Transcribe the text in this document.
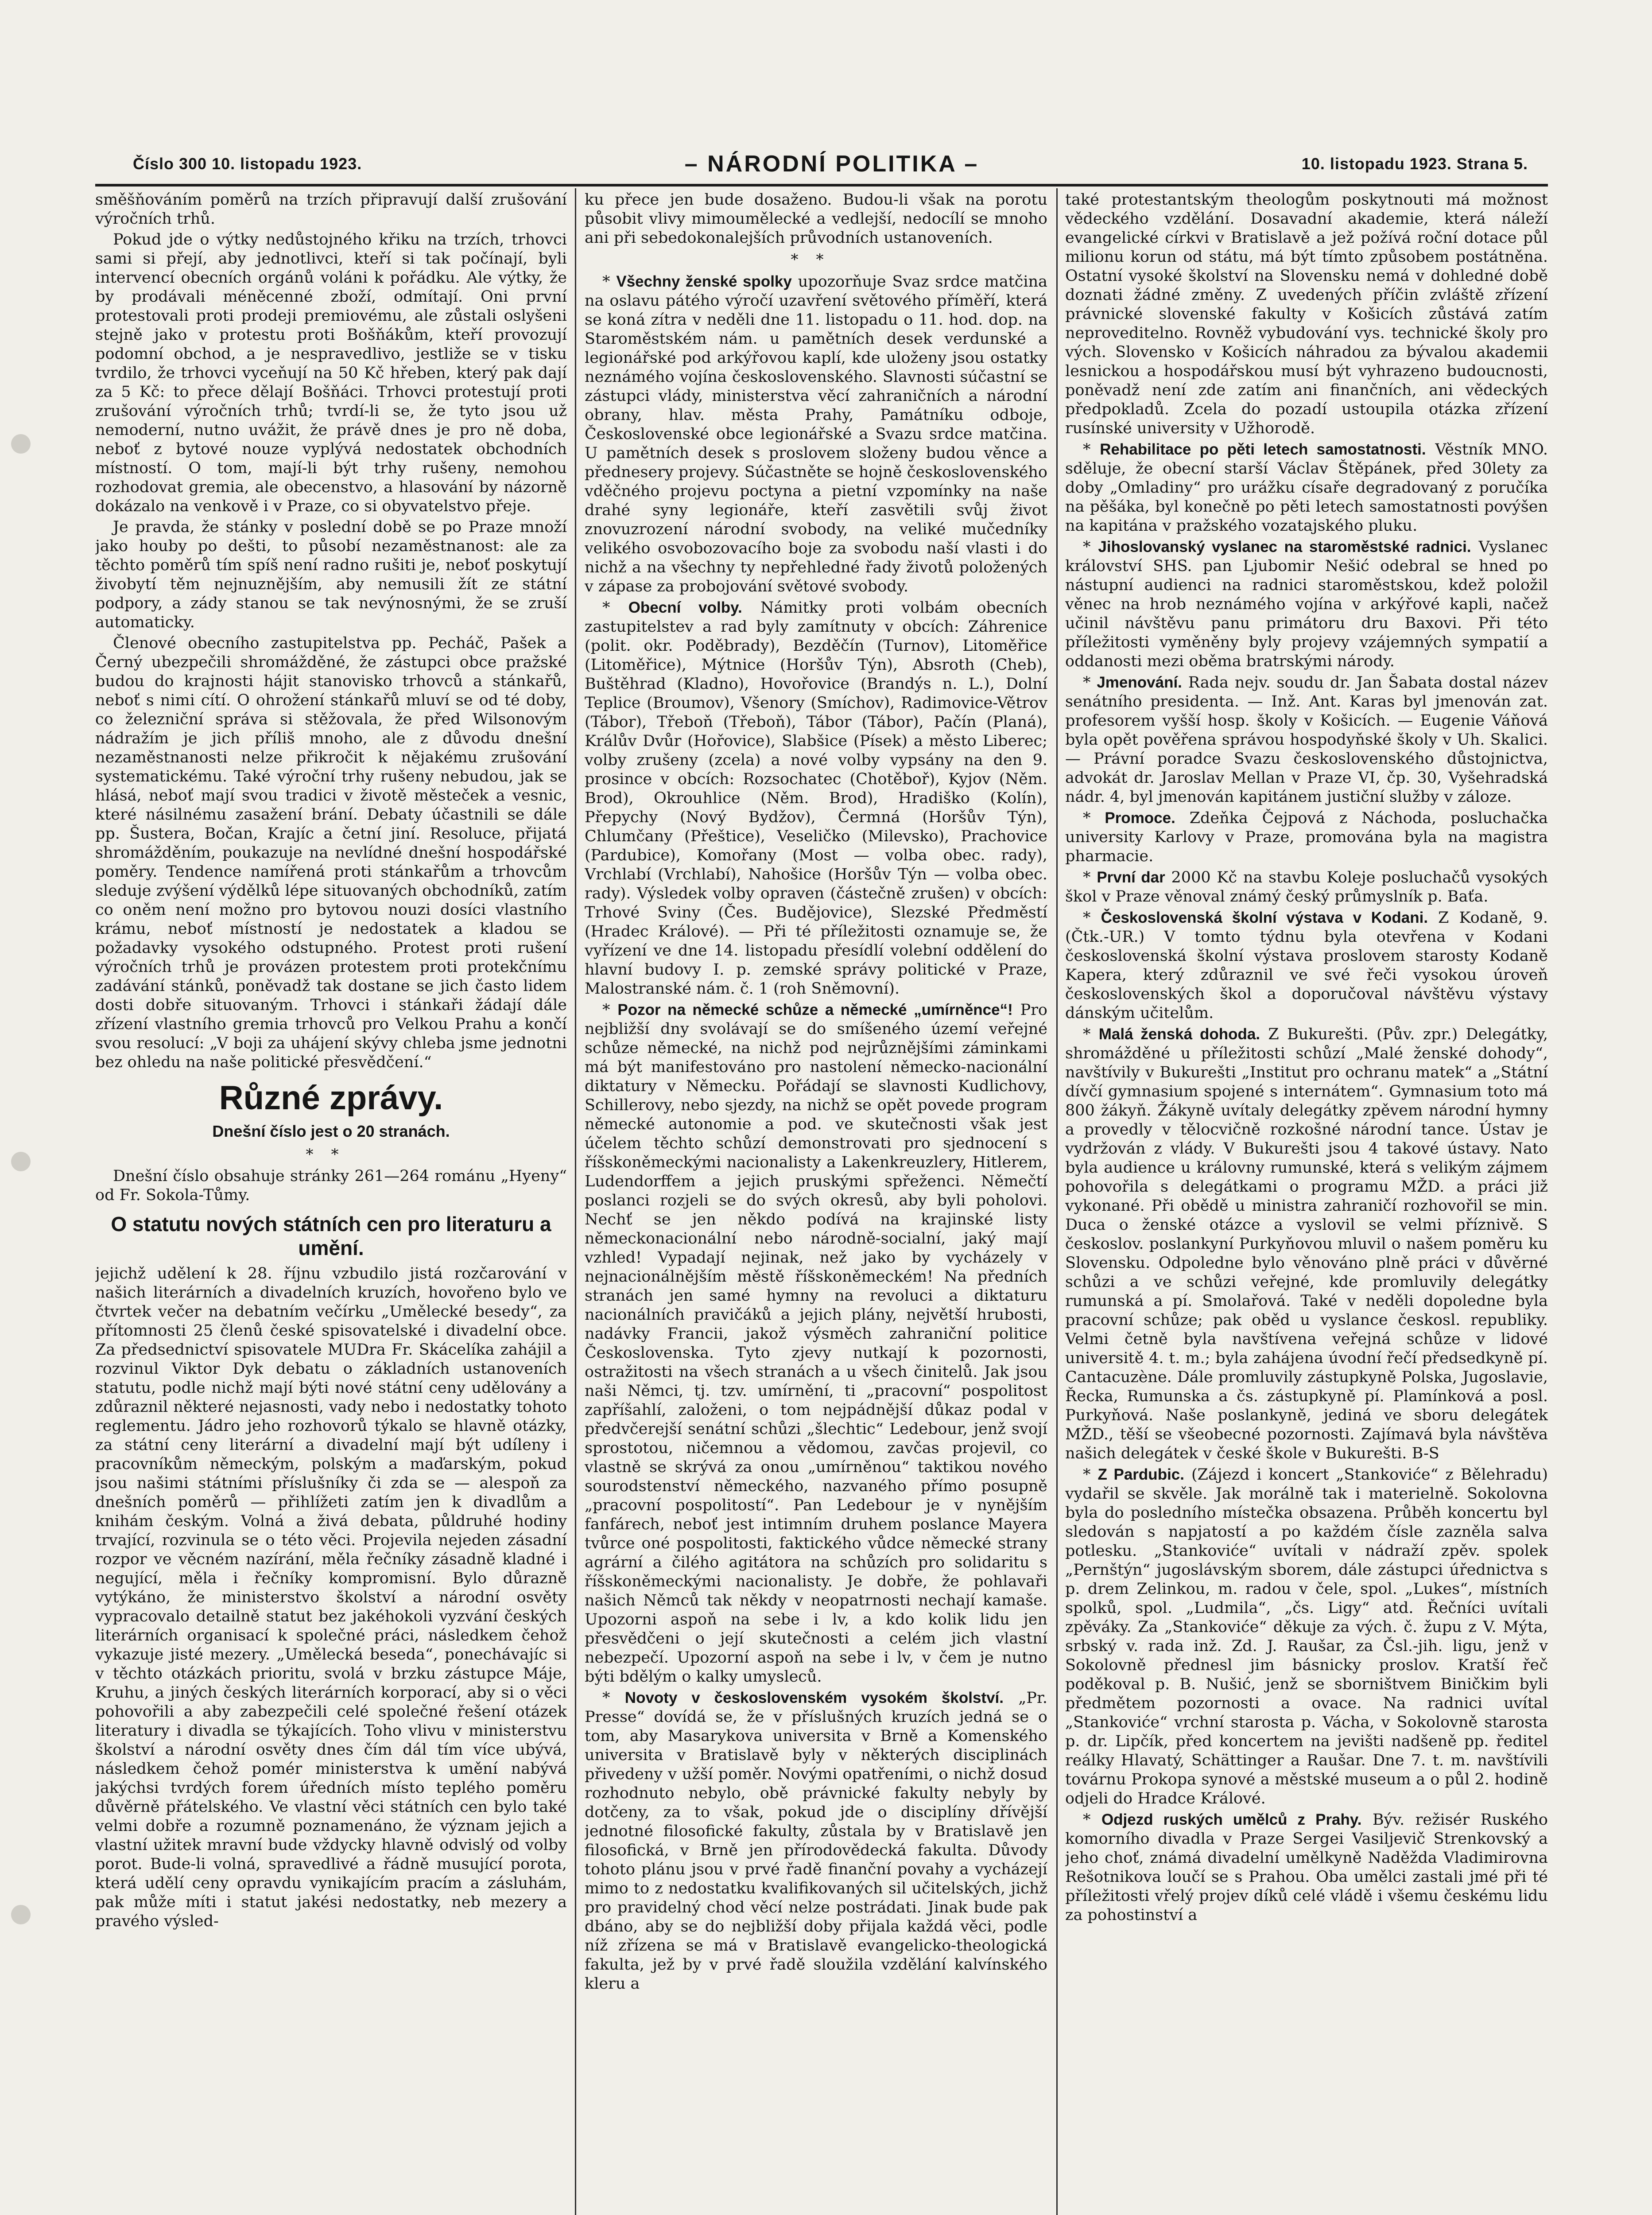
Číslo 300 10. listopadu 1923.	– NÁRODNÍ POLITIKA –	10. listopadu 1923. Strana 5.

směšňováním poměrů na trzích připravují další zrušování výročních trhů.

Pokud jde o výtky nedůstojného křiku na trzích, trhovci sami si přejí, aby jednotlivci, kteří si tak počínají, byli intervencí obecních orgánů voláni k pořádku. Ale výtky, že by prodávali méněcenné zboží, odmítají. Oni první protestovali proti prodeji premiovému, ale zůstali oslyšeni stejně jako v protestu proti Bošňákům, kteří provozují podomní obchod, a je nespravedlivo, jestliže se v tisku tvrdilo, že trhovci vyceňují na 50 Kč hřeben, který pak dají za 5 Kč: to přece dělají Bošňáci. Trhovci protestují proti zrušování výročních trhů; tvrdí-li se, že tyto jsou už nemoderní, nutno uvážit, že právě dnes je pro ně doba, neboť z bytové nouze vyplývá nedostatek obchodních místností. O tom, mají-li být trhy rušeny, nemohou rozhodovat gremia, ale obecenstvo, a hlasování by názorně dokázalo na venkově i v Praze, co si obyvatelstvo přeje.

Je pravda, že stánky v poslední době se po Praze množí jako houby po dešti, to působí nezaměstnanost: ale za těchto poměrů tím spíš není radno rušiti je, neboť poskytují živobytí těm nejnuznějším, aby nemusili žít ze státní podpory, a zády stanou se tak nevýnosnými, že se zruší automaticky.

Členové obecního zastupitelstva pp. Pecháč, Pašek a Černý ubezpečili shromážděné, že zástupci obce pražské budou do krajnosti hájit stanovisko trhovců a stánkařů, neboť s nimi cítí. O ohrožení stánkařů mluví se od té doby, co železniční správa si stěžovala, že před Wilsonovým nádražím je jich příliš mnoho, ale z důvodu dnešní nezaměstnanosti nelze přikročit k nějakému zrušování systematickému. Také výroční trhy rušeny nebudou, jak se hlásá, neboť mají svou tradici v životě městeček a vesnic, které násilnému zasažení brání. Debaty účastnili se dále pp. Šustera, Bočan, Krajíc a četní jiní. Resoluce, přijatá shromážděním, poukazuje na nevlídné dnešní hospodářské poměry. Tendence namířená proti stánkařům a trhovcům sleduje zvýšení výdělků lépe situovaných obchodníků, zatím co oněm není možno pro bytovou nouzi dosíci vlastního krámu, neboť místností je nedostatek a kladou se požadavky vysokého odstupného. Protest proti rušení výročních trhů je provázen protestem proti protekčnímu zadávání stánků, poněvadž tak dostane se jich často lidem dosti dobře situovaným. Trhovci i stánkaři žádají dále zřízení vlastního gremia trhovců pro Velkou Prahu a končí svou resolucí: „V boji za uhájení skývy chleba jsme jednotni bez ohledu na naše politické přesvědčení.“

Různé zprávy.
Dnešní číslo jest o 20 stranách.
**

Dnešní číslo obsahuje stránky 261—264 románu „Hyeny“ od Fr. Sokola-Tůmy.

O statutu nových státních cen pro literaturu a umění.

jejichž udělení k 28. říjnu vzbudilo jistá rozčarování v našich literárních a divadelních kruzích, hovořeno bylo ve čtvrtek večer na debatním večírku „Umělecké besedy“, za přítomnosti 25 členů české spisovatelské i divadelní obce. Za předsednictví spisovatele MUDra Fr. Skácelíka zahájil a rozvinul Viktor Dyk debatu o základních ustanoveních statutu, podle nichž mají býti nové státní ceny udělovány a zdůraznil některé nejasnosti, vady nebo i nedostatky tohoto reglementu. Jádro jeho rozhovorů týkalo se hlavně otázky, za státní ceny literární a divadelní mají být udíleny i pracovníkům německým, polským a maďarským, pokud jsou našimi státními příslušníky či zda se — alespoň za dnešních poměrů — přihlížeti zatím jen k divadlům a knihám českým. Volná a živá debata, půldruhé hodiny trvající, rozvinula se o této věci. Projevila nejeden zásadní rozpor ve věcném nazírání, měla řečníky zásadně kladné i negující, měla i řečníky kompromisní. Bylo důrazně vytýkáno, že ministerstvo školství a národní osvěty vypracovalo detailně statut bez jakéhokoli vyzvání českých literárních organisací k společné práci, následkem čehož vykazuje jisté mezery. „Umělecká beseda“, ponechávajíc si v těchto otázkách prioritu, svolá v brzku zástupce Máje, Kruhu, a jiných českých literárních korporací, aby si o věci pohovořili a aby zabezpečili celé společné řešení otázek literatury i divadla se týkajících. Toho vlivu v ministerstvu školství a národní osvěty dnes čím dál tím více ubývá, následkem čehož pomér ministerstva k umění nabývá jakýchsi tvrdých forem úředních místo teplého poměru důvěrně přátelského. Ve vlastní věci státních cen bylo také velmi dobře a rozumně poznamenáno, že význam jejich a vlastní užitek mravní bude vždycky hlavně odvislý od volby porot. Bude-li volná, spravedlivé a řádně musující porota, která udělí ceny opravdu vynikajícím pracím a zásluhám, pak může míti i statut jakési nedostatky, neb mezery a pravého výsled-

ku přece jen bude dosaženo. Budou-li však na porotu působit vlivy mimoumělecké a vedlejší, nedocílí se mnoho ani při sebedokonalejších průvodních ustanoveních.

**

* Všechny ženské spolky upozorňuje Svaz srdce matčina na oslavu pátého výročí uzavření světového příměří, která se koná zítra v neděli dne 11. listopadu o 11. hod. dop. na Staroměstském nám. u pamětních desek verdunské a legionářské pod arkýřovou kaplí, kde uloženy jsou ostatky neznámého vojína československého. Slavnosti súčastní se zástupci vlády, ministerstva věcí zahraničních a národní obrany, hlav. města Prahy, Památníku odboje, Československé obce legionářské a Svazu srdce matčina. U pamětních desek s proslovem složeny budou věnce a přednesery projevy. Súčastněte se hojně československého vděčného projevu poctyna a pietní vzpomínky na naše drahé syny legionáře, kteří zasvětili svůj život znovuzrození národní svobody, na veliké mučedníky velikého osvobozovacího boje za svobodu naší vlasti i do nichž a na všechny ty nepřehledné řady životů položených v zápase za probojování světové svobody.

* Obecní volby. Námitky proti volbám obecních zastupitelstev a rad byly zamítnuty v obcích: Záhrenice (polit. okr. Poděbrady), Bezděčín (Turnov), Litoměřice (Litoměřice), Mýtnice (Horšův Týn), Absroth (Cheb), Buštěhrad (Kladno), Hovořovice (Brandýs n. L.), Dolní Teplice (Broumov), Všenory (Smíchov), Radimovice-Větrov (Tábor), Třeboň (Třeboň), Tábor (Tábor), Pačín (Planá), Králův Dvůr (Hořovice), Slabšice (Písek) a město Liberec; volby zrušeny (zcela) a nové volby vypsány na den 9. prosince v obcích: Rozsochatec (Chotěboř), Kyjov (Něm. Brod), Okrouhlice (Něm. Brod), Hradiško (Kolín), Přepychy (Nový Bydžov), Čermná (Horšův Týn), Chlumčany (Přeštice), Veseličko (Milevsko), Prachovice (Pardubice), Komořany (Most — volba obec. rady), Vrchlabí (Vrchlabí), Nahošice (Horšův Týn — volba obec. rady). Výsledek volby opraven (částečně zrušen) v obcích: Trhové Sviny (Čes. Budějovice), Slezské Předměstí (Hradec Králové). — Při té příležitosti oznamuje se, že vyřízení ve dne 14. listopadu přesídlí volební oddělení do hlavní budovy I. p. zemské správy politické v Praze, Malostranské nám. č. 1 (roh Sněmovní).

* Pozor na německé schůze a německé „umírněnce“! Pro nejbližší dny svolávají se do smíšeného území veřejné schůze německé, na nichž pod nejrůznějšími záminkami má být manifestováno pro nastolení německo-nacionální diktatury v Německu. Pořádají se slavnosti Kudlichovy, Schillerovy, nebo sjezdy, na nichž se opět povede program německé autonomie a pod. ve skutečnosti však jest účelem těchto schůzí demonstrovati pro sjednocení s říšskoněmeckými nacionalisty a Lakenkreuzlery, Hitlerem, Ludendorffem a jejich pruskými spřeženci. Němečtí poslanci rozjeli se do svých okresů, aby byli poholovi. Nechť se jen někdo podívá na krajinské listy německonacionální nebo národně-socialní, jaký mají vzhled! Vypadají nejinak, než jako by vycházely v nejnacionálnějším městě říšskoněmeckém! Na předních stranách jen samé hymny na revoluci a diktaturu nacionálních pravičáků a jejich plány, největší hrubosti, nadávky Francii, jakož výsměch zahraniční politice Československa. Tyto zjevy nutkají k pozornosti, ostražitosti na všech stranách a u všech činitelů. Jak jsou naši Němci, tj. tzv. umírnění, ti „pracovní“ pospolitost zapříšahlí, založeni, o tom nejpádnější důkaz podal v předvčerejší senátní schůzi „šlechtic“ Ledebour, jenž svojí sprostotou, ničemnou a vědomou, zavčas projevil, co vlastně se skrývá za onou „umírněnou“ taktikou nového sourodstenství německého, nazvaného přímo posupně „pracovní pospolitostí“. Pan Ledebour je v nynějším fanfárech, neboť jest intimním druhem poslance Mayera tvůrce oné pospolitosti, faktického vůdce německé strany agrární a čilého agitátora na schůzích pro solidaritu s říšskoněmeckými nacionalisty. Je dobře, že pohlavaři našich Němců tak někdy v neopatrnosti nechají kamaše. Upozorni aspoň na sebe i lv, a kdo kolik lidu jen přesvědčeni o její skutečnosti a celém jich vlastní nebezpečí. Upozorní aspoň na sebe i lv, v čem je nutno býti bdělým o kalky umysleců.

* Novoty v československém vysokém školství. „Pr. Presse“ dovídá se, že v příslušných kruzích jedná se o tom, aby Masarykova universita v Brně a Komenského universita v Bratislavě byly v některých disciplinách přivedeny v užší poměr. Novými opatřeními, o nichž dosud rozhodnuto nebylo, obě právnické fakulty nebyly by dotčeny, za to však, pokud jde o disciplíny dřívější jednotné filosofické fakulty, zůstala by v Bratislavě jen filosofická, v Brně jen přírodovědecká fakulta. Důvody tohoto plánu jsou v prvé řadě finanční povahy a vycházejí mimo to z nedostatku kvalifikovaných sil učitelských, jichž pro pravidelný chod věcí nelze postrádati. Jinak bude pak dbáno, aby se do nejbližší doby přijala každá věci, podle níž zřízena se má v Bratislavě evangelicko-theologická fakulta, jež by v prvé řadě sloužila vzdělání kalvínského kleru a

také protestantským theologům poskytnouti má možnost vědeckého vzdělání. Dosavadní akademie, která náleží evangelické církvi v Bratislavě a jež požívá roční dotace půl milionu korun od státu, má být tímto způsobem postátněna. Ostatní vysoké školství na Slovensku nemá v dohledné době doznati žádné změny. Z uvedených příčin zvláště zřízení právnické slovenské fakulty v Košicích zůstává zatím neproveditelno. Rovněž vybudování vys. technické školy pro vých. Slovensko v Košicích náhradou za bývalou akademii lesnickou a hospodářskou musí být vyhrazeno budoucnosti, poněvadž není zde zatím ani finančních, ani vědeckých předpokladů. Zcela do pozadí ustoupila otázka zřízení rusínské university v Užhorodě.

* Rehabilitace po pěti letech samostatnosti. Věstník MNO. sděluje, že obecní starší Václav Štěpánek, před 30lety za doby „Omladiny“ pro urážku císaře degradovaný z poručíka na pěšáka, byl konečně po pěti letech samostatnosti povýšen na kapitána v pražského vozatajského pluku.

* Jihoslovanský vyslanec na staroměstské radnici. Vyslanec království SHS. pan Ljubomir Nešić odebral se hned po nástupní audienci na radnici staroměstskou, kdež položil věnec na hrob neznámého vojína v arkýřové kapli, načež učinil návštěvu panu primátoru dru Baxovi. Při této příležitosti vyměněny byly projevy vzájemných sympatií a oddanosti mezi oběma bratrskými národy.

* Jmenování. Rada nejv. soudu dr. Jan Šabata dostal název senátního presidenta. — Inž. Ant. Karas byl jmenován zat. profesorem vyšší hosp. školy v Košicích. — Eugenie Váňová byla opět pověřena správou hospodyňské školy v Uh. Skalici. — Právní poradce Svazu československého důstojnictva, advokát dr. Jaroslav Mellan v Praze VI, čp. 30, Vyšehradská nádr. 4, byl jmenován kapitánem justiční služby v záloze.

* Promoce. Zdeňka Čejpová z Náchoda, posluchačka university Karlovy v Praze, promována byla na magistra pharmacie.

* První dar 2000 Kč na stavbu Koleje posluchačů vysokých škol v Praze věnoval známý český průmyslník p. Baťa.

* Československá školní výstava v Kodani. Z Kodaně, 9. (Čtk.-UR.) V tomto týdnu byla otevřena v Kodani československá školní výstava proslovem starosty Kodaně Kapera, který zdůraznil ve své řeči vysokou úroveň československých škol a doporučoval návštěvu výstavy dánským učitelům.

* Malá ženská dohoda. Z Bukurešti. (Pův. zpr.) Delegátky, shromážděné u příležitosti schůzí „Malé ženské dohody“, navštívily v Bukurešti „Institut pro ochranu matek“ a „Státní dívčí gymnasium spojené s internátem“. Gymnasium toto má 800 žákyň. Žákyně uvítaly delegátky zpěvem národní hymny a provedly v tělocvičně rozkošné národní tance. Ústav je vydržován z vlády. V Bukurešti jsou 4 takové ústavy. Nato byla audience u královny rumunské, která s velikým zájmem pohovořila s delegátkami o programu MŽD. a práci již vykonané. Při obědě u ministra zahraničí rozhovořil se min. Duca o ženské otázce a vyslovil se velmi příznivě. S českoslov. poslankyní Purkyňovou mluvil o našem poměru ku Slovensku. Odpoledne bylo věnováno plně práci v důvěrné schůzi a ve schůzi veřejné, kde promluvily delegátky rumunská a pí. Smolařová. Také v neděli dopoledne byla pracovní schůze; pak oběd u vyslance českosl. republiky. Velmi četně byla navštívena veřejná schůze v lidové universitě 4. t. m.; byla zahájena úvodní řečí předsedkyně pí. Cantacuzène. Dále promluvily zástupkyně Polska, Jugoslavie, Řecka, Rumunska a čs. zástupkyně pí. Plamínková a posl. Purkyňová. Naše poslankyně, jediná ve sboru delegátek MŽD., těší se všeobecné pozornosti. Zajímavá byla návštěva našich delegátek v české škole v Bukurešti. B-S

* Z Pardubic. (Zájezd i koncert „Stankoviće“ z Bělehradu) vydařil se skvěle. Jak morálně tak i materielně. Sokolovna byla do posledního místečka obsazena. Průběh koncertu byl sledován s napjatostí a po každém čísle zazněla salva potlesku. „Stankoviće“ uvítali v nádraží zpěv. spolek „Pernštýn“ jugoslávským sborem, dále zástupci úřednictva s p. drem Zelinkou, m. radou v čele, spol. „Lukes“, místních spolků, spol. „Ludmila“, „čs. Ligy“ atd. Řečníci uvítali zpěváky. Za „Stankoviće“ děkuje za vých. č. župu z V. Mýta, srbský v. rada inž. Zd. J. Raušar, za Čsl.-jih. ligu, jenž v Sokolovně přednesl jim básnicky proslov. Kratší řeč poděkoval p. B. Nušić, jenž se sborništvem Biničkim byli předmětem pozornosti a ovace. Na radnici uvítal „Stankoviće“ vrchní starosta p. Vácha, v Sokolovně starosta p. dr. Lipčík, před koncertem na jevišti nadšeně pp. ředitel reálky Hlavatý, Schättinger a Raušar. Dne 7. t. m. navštívili továrnu Prokopa synové a městské museum a o půl 2. hodině odjeli do Hradce Králové.

* Odjezd ruských umělců z Prahy. Býv. režisér Ruského komorního divadla v Praze Sergei Vasiljevič Strenkovský a jeho choť, známá divadelní umělkyně Naděžda Vladimirovna Rešotnikova loučí se s Prahou. Oba umělci zastali jmé při té příležitosti vřelý projev díků celé vládě i všemu českému lidu za pohostinství a
